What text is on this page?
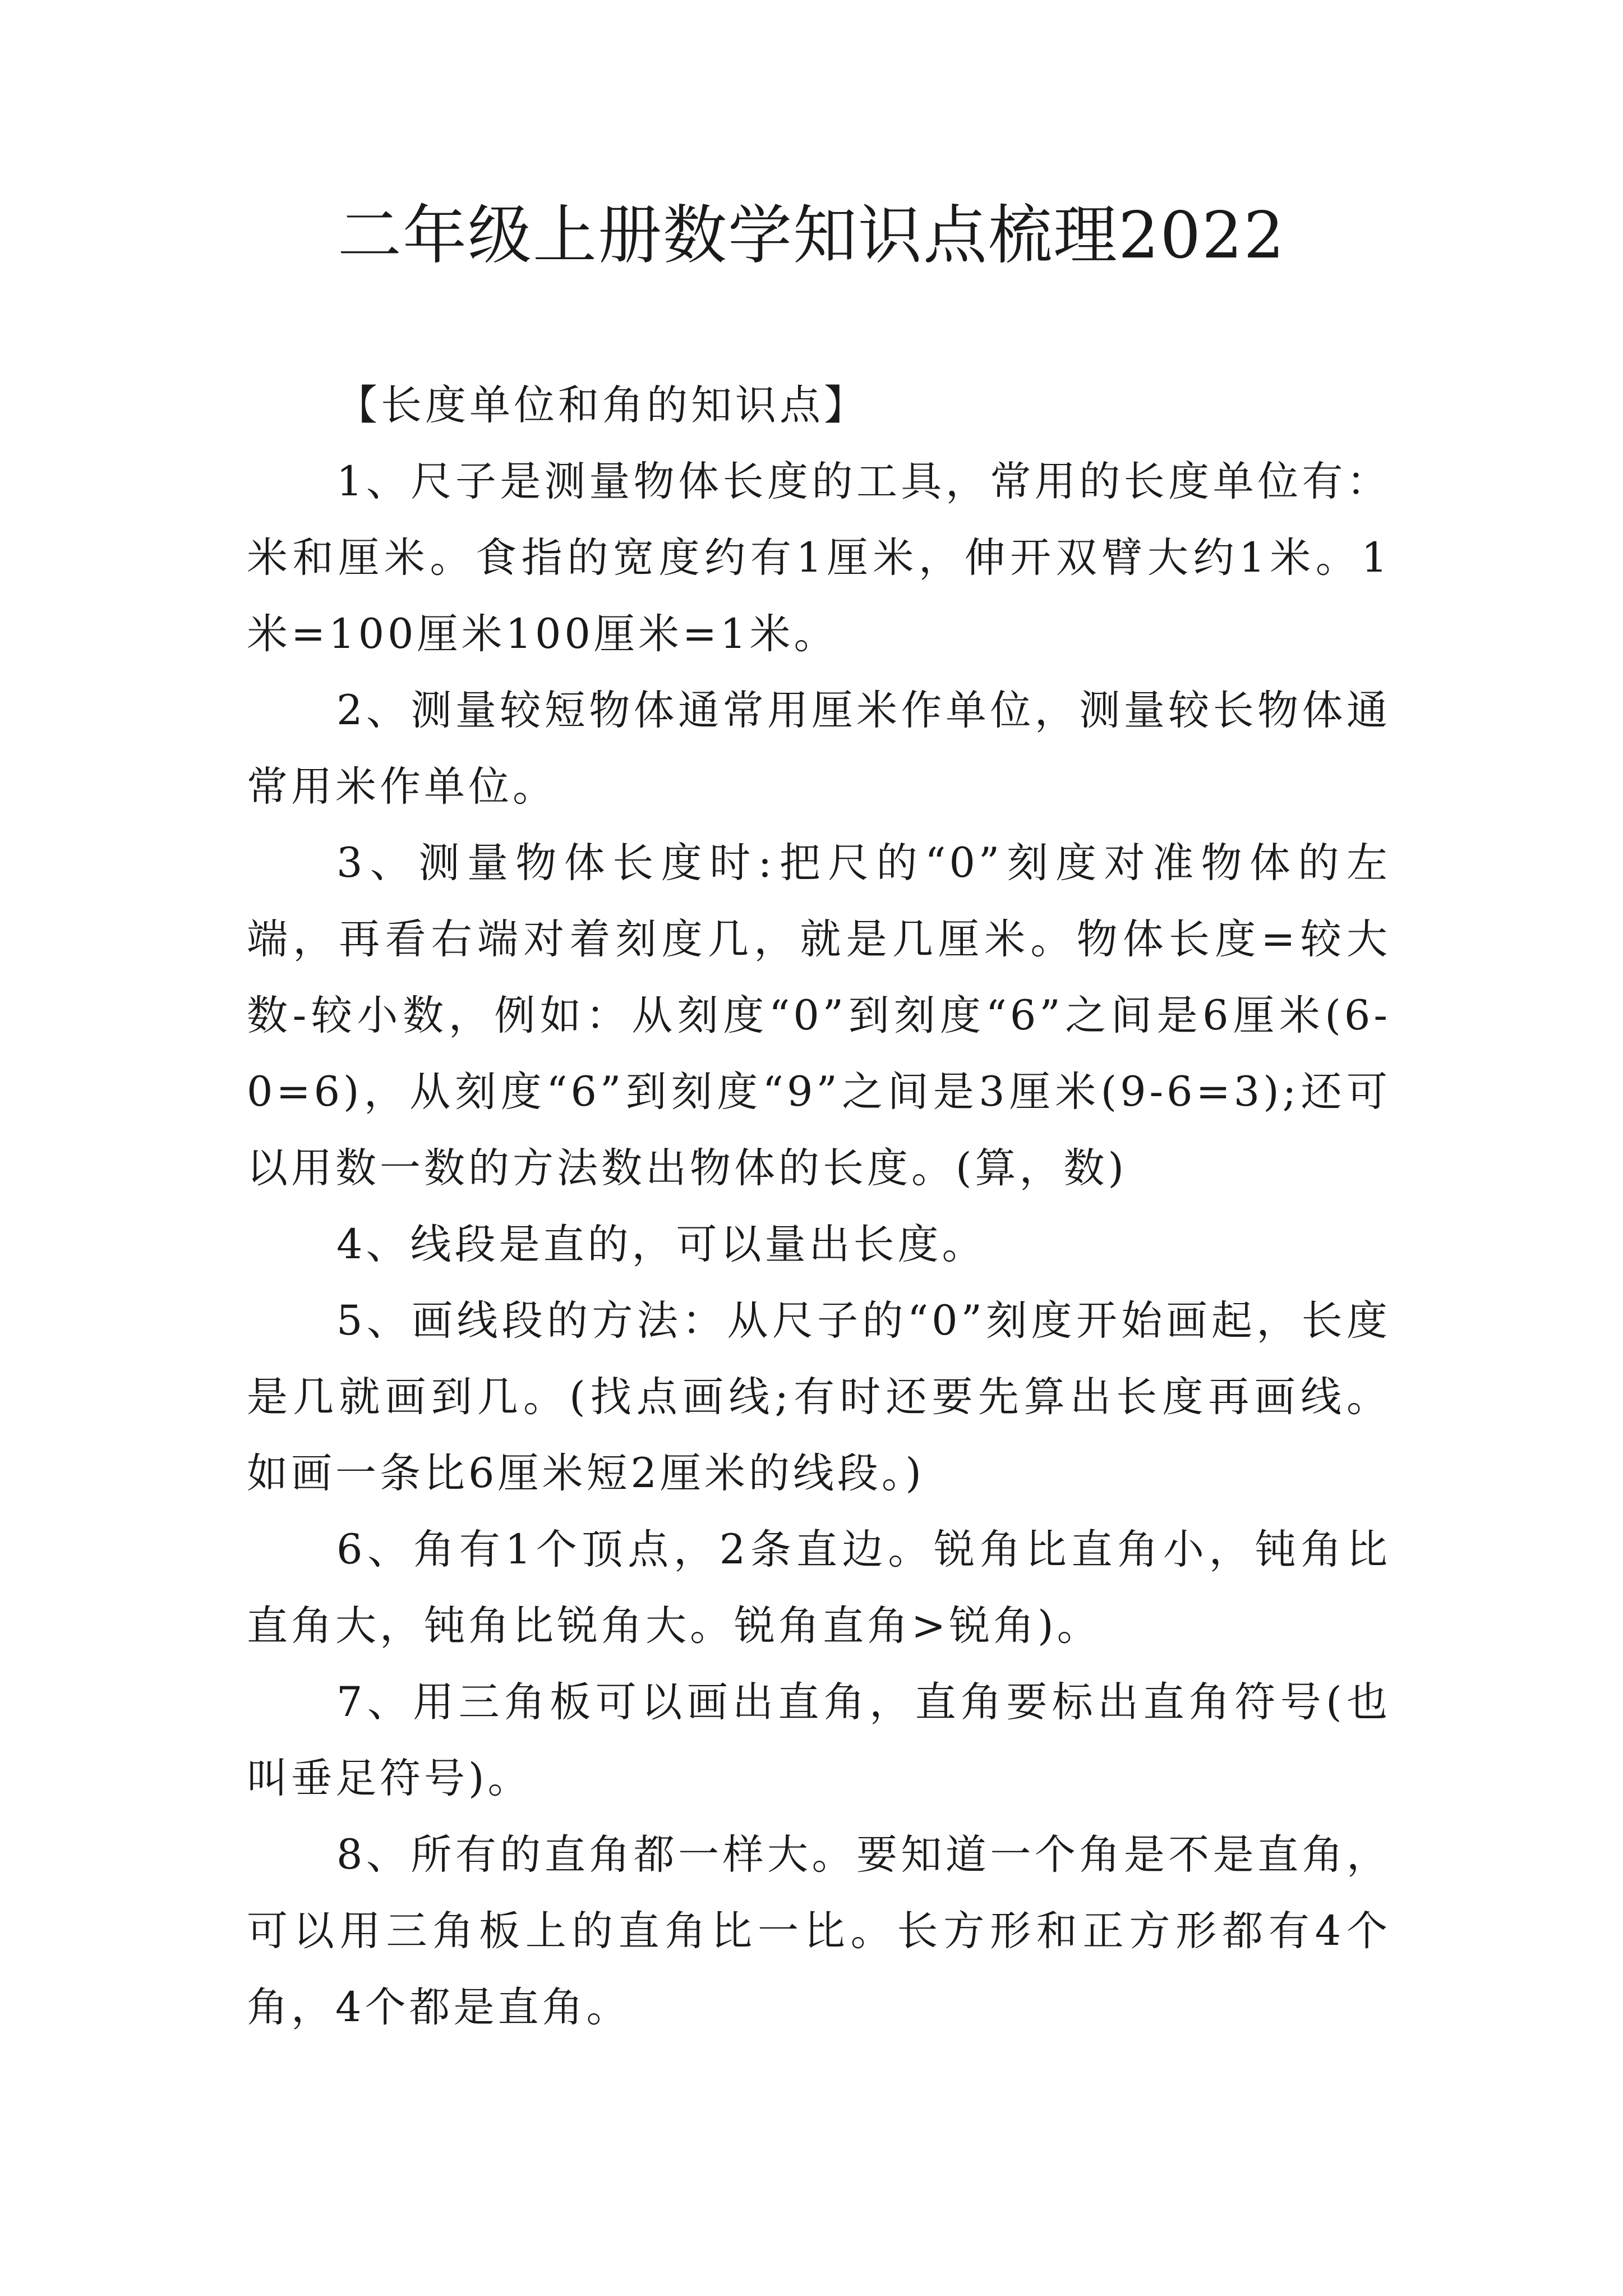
二年级上册数学知识点梳理2022

【长度单位和角的知识点】

1、尺子是测量物体长度的工具，常用的长度单位有：米和厘米。食指的宽度约有1厘米，伸开双臂大约1米。1米=100厘米100厘米=1米。

2、测量较短物体通常用厘米作单位，测量较长物体通常用米作单位。

3、测量物体长度时:把尺的“0”刻度对准物体的左端，再看右端对着刻度几，就是几厘米。物体长度=较大数-较小数，例如：从刻度“0”到刻度“6”之间是6厘米(6-0=6)，从刻度“6”到刻度“9”之间是3厘米(9-6=3);还可以用数一数的方法数出物体的长度。(算，数)

4、线段是直的，可以量出长度。

5、画线段的方法：从尺子的“0”刻度开始画起，长度是几就画到几。(找点画线;有时还要先算出长度再画线。如画一条比6厘米短2厘米的线段。)

6、角有1个顶点，2条直边。锐角比直角小，钝角比直角大，钝角比锐角大。锐角直角>锐角)。

7、用三角板可以画出直角，直角要标出直角符号(也叫垂足符号)。

8、所有的直角都一样大。要知道一个角是不是直角，可以用三角板上的直角比一比。长方形和正方形都有4个角，4个都是直角。
